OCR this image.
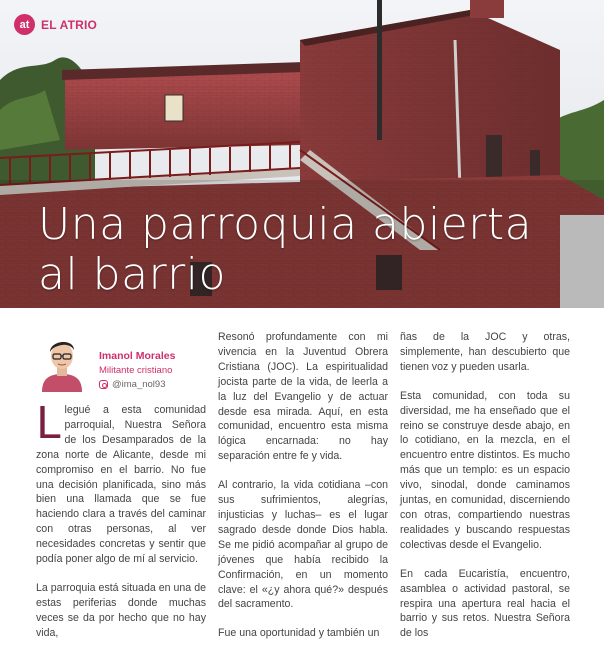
at EL ATRIO
Una parroquia abierta al barrio
Imanol Morales
Militante cristiano
@ima_nol93

Llegué a esta comunidad parroquial, Nuestra Señora de los Desamparados de la zona norte de Alicante, desde mi compromiso en el barrio. No fue una decisión planificada, sino más bien una llamada que se fue haciendo clara a través del caminar con otras personas, al ver necesidades concretas y sentir que podía poner algo de mí al servicio.

La parroquia está situada en una de estas periferias donde muchas veces se da por hecho que no hay vida,

Resonó profundamente con mi vivencia en la Juventud Obrera Cristiana (JOC). La espiritualidad jocista parte de la vida, de leerla a la luz del Evangelio y de actuar desde esa mirada. Aquí, en esta comunidad, encuentro esta misma lógica encarnada: no hay separación entre fe y vida.

Al contrario, la vida cotidiana –con sus sufrimientos, alegrías, injusticias y luchas– es el lugar sagrado desde donde Dios habla. Se me pidió acompañar al grupo de jóvenes que había recibido la Confirmación, en un momento clave: el «¿y ahora qué?» después del sacramento.

Fue una oportunidad y también un

ñas de la JOC y otras, simplemente, han descubierto que tienen voz y pueden usarla.

Esta comunidad, con toda su diversidad, me ha enseñado que el reino se construye desde abajo, en lo cotidiano, en la mezcla, en el encuentro entre distintos. Es mucho más que un templo: es un espacio vivo, sinodal, donde caminamos juntas, en comunidad, discerniendo con otras, compartiendo nuestras realidades y buscando respuestas colectivas desde el Evangelio.

En cada Eucaristía, encuentro, asamblea o actividad pastoral, se respira una apertura real hacia el barrio y sus retos. Nuestra Señora de los
